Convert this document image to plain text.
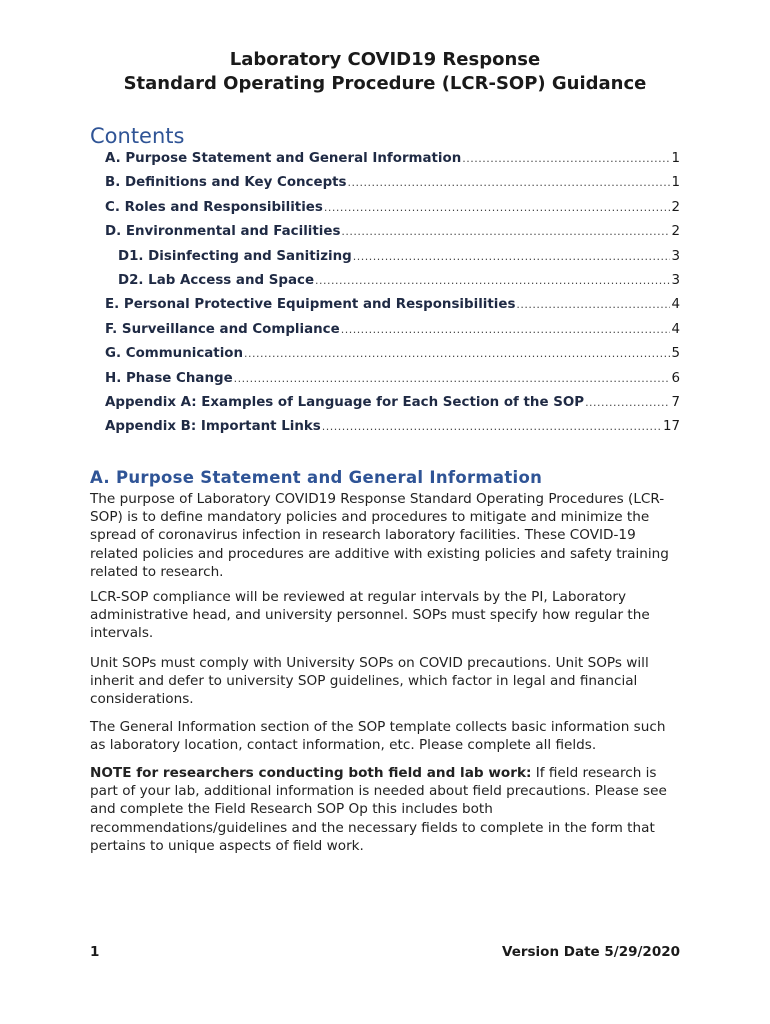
Laboratory COVID19 Response
Standard Operating Procedure (LCR-SOP) Guidance
Contents
A. Purpose Statement and General Information .....	1
B. Definitions and Key Concepts .....	1
C. Roles and Responsibilities .....	2
D. Environmental and Facilities .....	2
D1. Disinfecting and Sanitizing .....	3
D2. Lab Access and Space .....	3
E. Personal Protective Equipment and Responsibilities .....	4
F. Surveillance and Compliance .....	4
G. Communication .....	5
H. Phase Change .....	6
Appendix A: Examples of Language for Each Section of the SOP .....	7
Appendix B: Important Links .....	17
A. Purpose Statement and General Information

The purpose of Laboratory COVID19 Response Standard Operating Procedures (LCR-SOP) is to define mandatory policies and procedures to mitigate and minimize the spread of coronavirus infection in research laboratory facilities. These COVID-19 related policies and procedures are additive with existing policies and safety training related to research.

LCR-SOP compliance will be reviewed at regular intervals by the PI, Laboratory administrative head, and university personnel. SOPs must specify how regular the intervals.

Unit SOPs must comply with University SOPs on COVID precautions. Unit SOPs will inherit and defer to university SOP guidelines, which factor in legal and financial considerations.

The General Information section of the SOP template collects basic information such as laboratory location, contact information, etc. Please complete all fields.

NOTE for researchers conducting both field and lab work: If field research is part of your lab, additional information is needed about field precautions. Please see and complete the Field Research SOP Op this includes both recommendations/guidelines and the necessary fields to complete in the form that pertains to unique aspects of field work.

1	Version Date 5/29/2020
